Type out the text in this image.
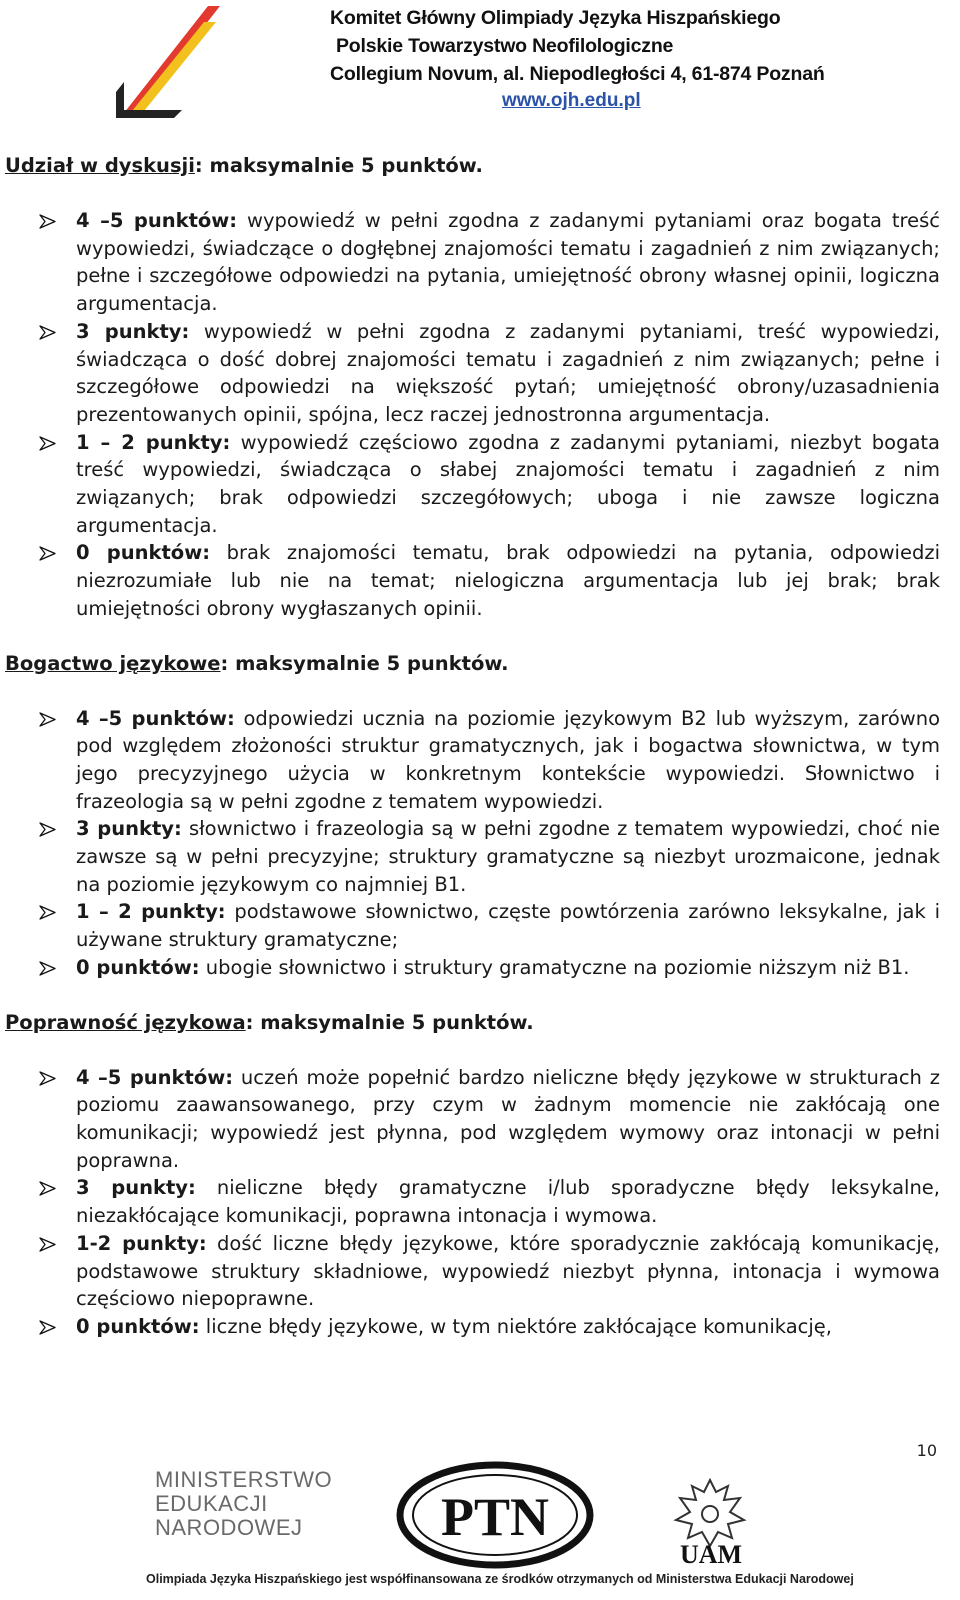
Komitet Główny Olimpiady Języka Hiszpańskiego
Polskie Towarzystwo Neofilologiczne
Collegium Novum, al. Niepodległości 4, 61-874 Poznań
www.ojh.edu.pl
Udział w dyskusji: maksymalnie 5 punktów.
4 –5 punktów: wypowiedź w pełni zgodna z zadanymi pytaniami oraz bogata treść wypowiedzi, świadczące o dogłębnej znajomości tematu i zagadnień z nim związanych; pełne i szczegółowe odpowiedzi na pytania, umiejętność obrony własnej opinii, logiczna argumentacja.
3 punkty: wypowiedź w pełni zgodna z zadanymi pytaniami, treść wypowiedzi, świadcząca o dość dobrej znajomości tematu i zagadnień z nim związanych; pełne i szczegółowe odpowiedzi na większość pytań; umiejętność obrony/uzasadnienia prezentowanych opinii, spójna, lecz raczej jednostronna argumentacja.
1 – 2 punkty: wypowiedź częściowo zgodna z zadanymi pytaniami, niezbyt bogata treść wypowiedzi, świadcząca o słabej znajomości tematu i zagadnień z nim związanych; brak odpowiedzi szczegółowych; uboga i nie zawsze logiczna argumentacja.
0 punktów: brak znajomości tematu, brak odpowiedzi na pytania, odpowiedzi niezrozumiałe lub nie na temat; nielogiczna argumentacja lub jej brak; brak umiejętności obrony wygłaszanych opinii.
Bogactwo językowe: maksymalnie 5 punktów.
4 –5 punktów: odpowiedzi ucznia na poziomie językowym B2 lub wyższym, zarówno pod względem złożoności struktur gramatycznych, jak i bogactwa słownictwa, w tym jego precyzyjnego użycia w konkretnym kontekście wypowiedzi. Słownictwo i frazeologia są w pełni zgodne z tematem wypowiedzi.
3 punkty: słownictwo i frazeologia są w pełni zgodne z tematem wypowiedzi, choć nie zawsze są w pełni precyzyjne; struktury gramatyczne są niezbyt urozmaicone, jednak na poziomie językowym co najmniej B1.
1 – 2 punkty: podstawowe słownictwo, częste powtórzenia zarówno leksykalne, jak i używane struktury gramatyczne;
0 punktów: ubogie słownictwo i struktury gramatyczne na poziomie niższym niż B1.
Poprawność językowa: maksymalnie 5 punktów.
4 –5 punktów: uczeń może popełnić bardzo nieliczne błędy językowe w strukturach z poziomu zaawansowanego, przy czym w żadnym momencie nie zakłócają one komunikacji; wypowiedź jest płynna, pod względem wymowy oraz intonacji w pełni poprawna.
3 punkty: nieliczne błędy gramatyczne i/lub sporadyczne błędy leksykalne, niezakłócające komunikacji, poprawna intonacja i wymowa.
1-2 punkty: dość liczne błędy językowe, które sporadycznie zakłócają komunikację, podstawowe struktury składniowe, wypowiedź niezbyt płynna, intonacja i wymowa częściowo niepoprawne.
0 punktów: liczne błędy językowe, w tym niektóre zakłócające komunikację,
10
MINISTERSTWO
EDUKACJI
NARODOWEJ	PTN
UAM
Olimpiada Języka Hiszpańskiego jest współfinansowana ze środków otrzymanych od Ministerstwa Edukacji Narodowej
